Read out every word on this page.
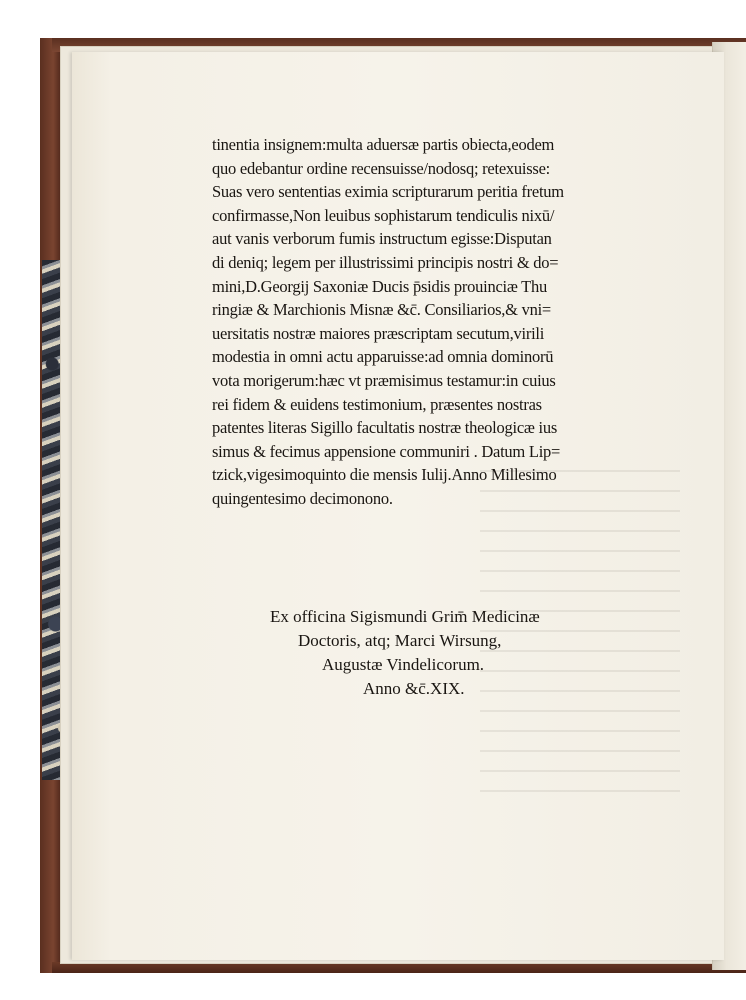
tinentia insignem:multa aduersæ partis obiecta,eodem
quo edebantur ordine recensuisse/nodosq; retexuisse:
Suas vero sententias eximia scripturarum peritia fretum
confirmasse,Non leuibus sophistarum tendiculis nixū/
aut vanis verborum fumis instructum egisse:Disputan
di deniq; legem per illustrissimi principis nostri & do=
mini,D.Georgij Saxoniæ Ducis p̄sidis prouinciæ Thu
ringiæ & Marchionis Misnæ &c̄. Consiliarios,& vni=
uersitatis nostræ maiores præscriptam secutum,virili
modestia in omni actu apparuisse:ad omnia dominorū
vota morigerum:hæc vt præmisimus testamur:in cuius
rei fidem & euidens testimonium, præsentes nostras
patentes literas Sigillo facultatis nostræ theologicæ ius
simus & fecimus appensione communiri . Datum Lip=
tzick,vigesimoquinto die mensis Iulij.Anno Millesimo
quingentesimo decimonono.
Ex officina Sigismundi Grim̄ Medicinæ
Doctoris, atq; Marci Wirsung,
Augustæ Vindelicorum.
Anno &c̄.XIX.
